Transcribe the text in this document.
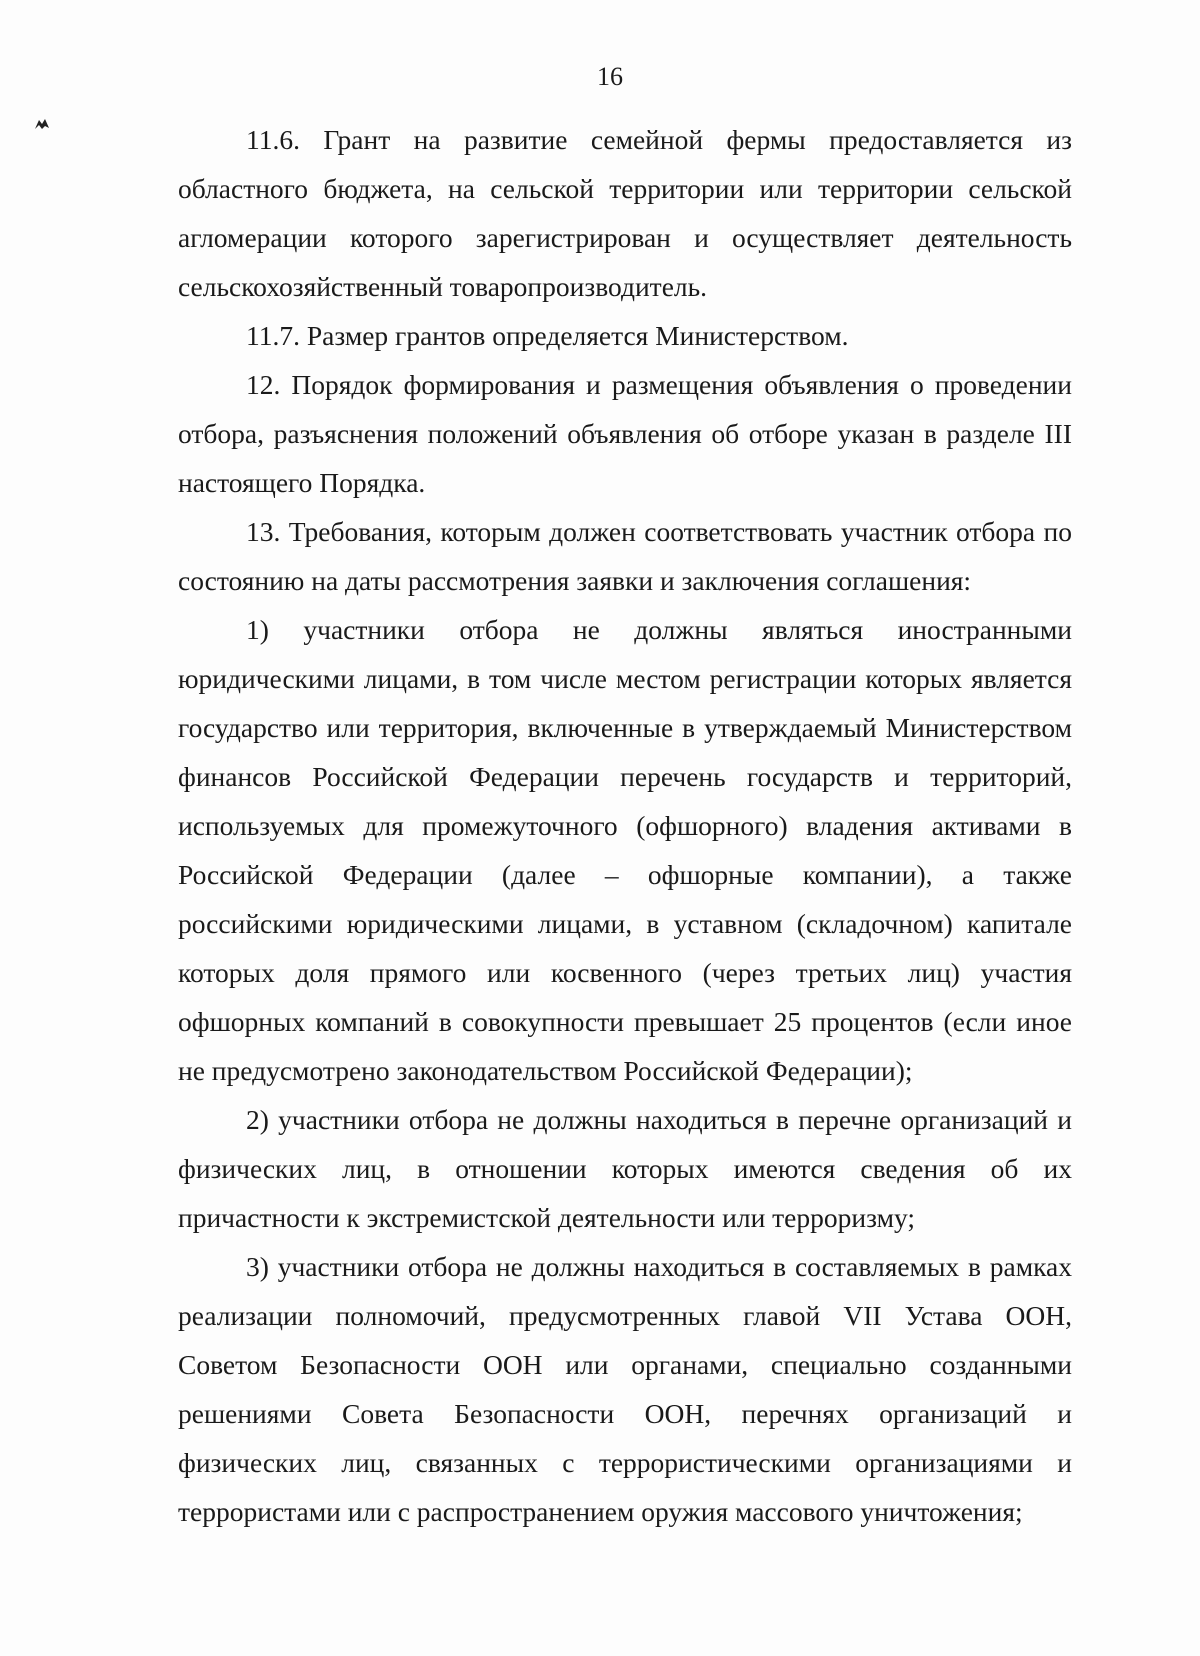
16

11.6. Грант на развитие семейной фермы предоставляется из областного бюджета, на сельской территории или территории сельской агломерации которого зарегистрирован и осуществляет деятельность сельскохозяйственный товаропроизводитель.

11.7. Размер грантов определяется Министерством.

12. Порядок формирования и размещения объявления о проведении отбора, разъяснения положений объявления об отборе указан в разделе III настоящего Порядка.

13. Требования, которым должен соответствовать участник отбора по состоянию на даты рассмотрения заявки и заключения соглашения:

1) участники отбора не должны являться иностранными юридическими лицами, в том числе местом регистрации которых является государство или территория, включенные в утверждаемый Министерством финансов Российской Федерации перечень государств и территорий, используемых для промежуточного (офшорного) владения активами в Российской Федерации (далее – офшорные компании), а также российскими юридическими лицами, в уставном (складочном) капитале которых доля прямого или косвенного (через третьих лиц) участия офшорных компаний в совокупности превышает 25 процентов (если иное не предусмотрено законодательством Российской Федерации);

2) участники отбора не должны находиться в перечне организаций и физических лиц, в отношении которых имеются сведения об их причастности к экстремистской деятельности или терроризму;

3) участники отбора не должны находиться в составляемых в рамках реализации полномочий, предусмотренных главой VII Устава ООН, Советом Безопасности ООН или органами, специально созданными решениями Совета Безопасности ООН, перечнях организаций и физических лиц, связанных с террористическими организациями и террористами или с распространением оружия массового уничтожения;
